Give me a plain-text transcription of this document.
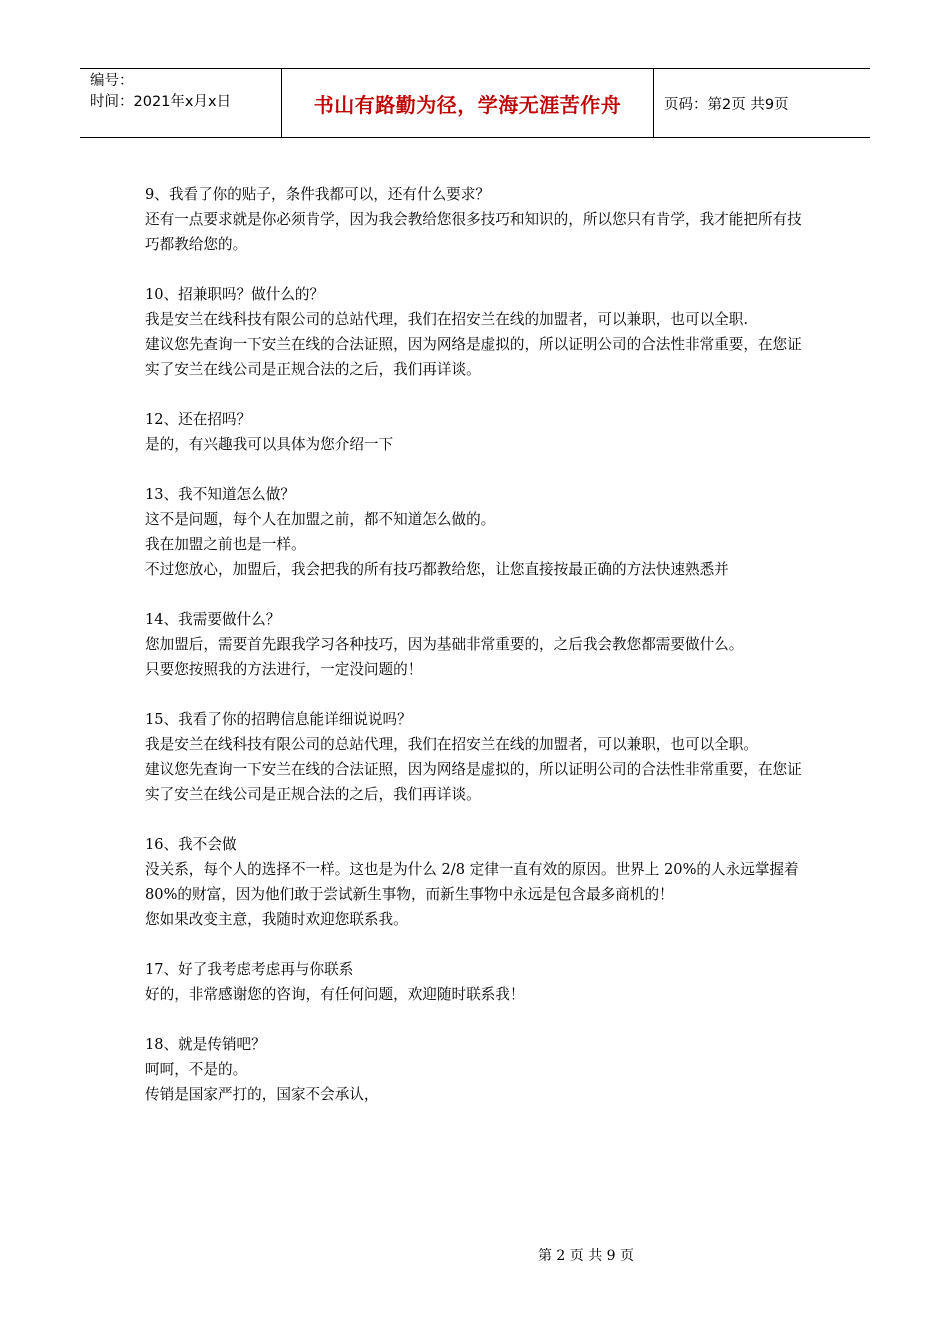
编号：
时间：2021年x月x日	书山有路勤为径，学海无涯苦作舟	页码：第2页 共9页

9、我看了你的贴子，条件我都可以，还有什么要求？

还有一点要求就是你必须肯学，因为我会教给您很多技巧和知识的，所以您只有肯学，我才能把所有技巧都教给您的。

10、招兼职吗？做什么的？

我是安兰在线科技有限公司的总站代理，我们在招安兰在线的加盟者，可以兼职，也可以全职.

建议您先查询一下安兰在线的合法证照，因为网络是虚拟的，所以证明公司的合法性非常重要，在您证实了安兰在线公司是正规合法的之后，我们再详谈。

12、还在招吗？

是的，有兴趣我可以具体为您介绍一下

13、我不知道怎么做？

这不是问题，每个人在加盟之前，都不知道怎么做的。

我在加盟之前也是一样。

不过您放心，加盟后，我会把我的所有技巧都教给您，让您直接按最正确的方法快速熟悉并

14、我需要做什么？

您加盟后，需要首先跟我学习各种技巧，因为基础非常重要的，之后我会教您都需要做什么。

只要您按照我的方法进行，一定没问题的！

15、我看了你的招聘信息能详细说说吗？

我是安兰在线科技有限公司的总站代理，我们在招安兰在线的加盟者，可以兼职，也可以全职。

建议您先查询一下安兰在线的合法证照，因为网络是虚拟的，所以证明公司的合法性非常重要，在您证实了安兰在线公司是正规合法的之后，我们再详谈。

16、我不会做

没关系，每个人的选择不一样。这也是为什么 2/8 定律一直有效的原因。世界上 20%的人永远掌握着 80%的财富，因为他们敢于尝试新生事物，而新生事物中永远是包含最多商机的！

您如果改变主意，我随时欢迎您联系我。

17、好了我考虑考虑再与你联系

好的，非常感谢您的咨询，有任何问题，欢迎随时联系我！

18、就是传销吧？

呵呵，不是的。

传销是国家严打的，国家不会承认，

第 2 页 共 9 页
